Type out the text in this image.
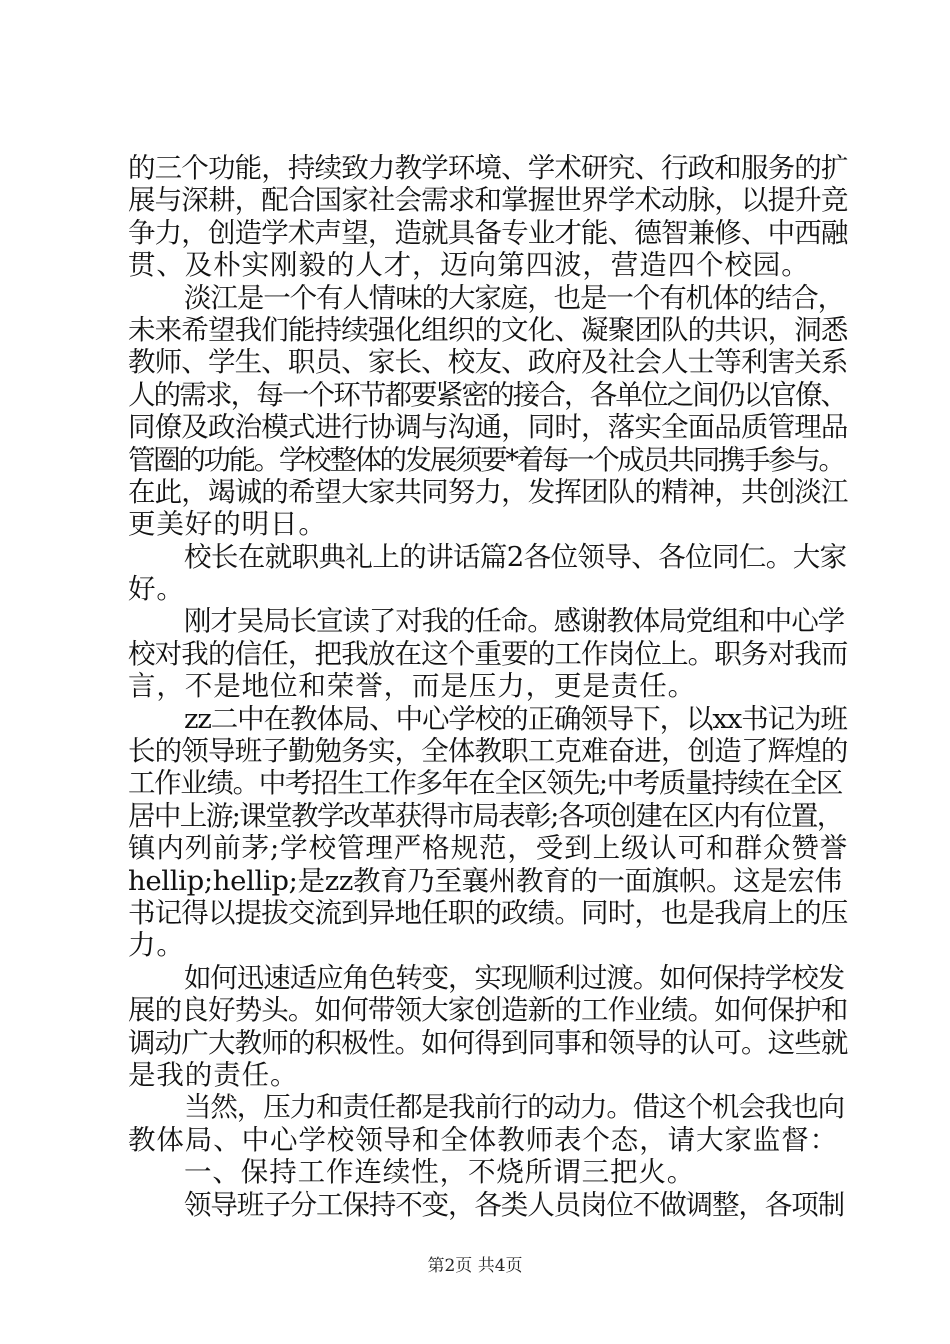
的三个功能，持续致力教学环境、学术研究、行政和服务的扩
展与深耕，配合国家社会需求和掌握世界学术动脉，以提升竞
争力，创造学术声望，造就具备专业才能、德智兼修、中西融
贯、及朴实刚毅的人才，迈向第四波，营造四个校园。
淡江是一个有人情味的大家庭，也是一个有机体的结合，
未来希望我们能持续强化组织的文化、凝聚团队的共识，洞悉
教师、学生、职员、家长、校友、政府及社会人士等利害关系
人的需求，每一个环节都要紧密的接合，各单位之间仍以官僚、
同僚及政治模式进行协调与沟通，同时，落实全面品质管理品
管圈的功能。学校整体的发展须要*着每一个成员共同携手参与。
在此，竭诚的希望大家共同努力，发挥团队的精神，共创淡江
更美好的明日。
校长在就职典礼上的讲话篇2各位领导、各位同仁。大家
好。
刚才吴局长宣读了对我的任命。感谢教体局党组和中心学
校对我的信任，把我放在这个重要的工作岗位上。职务对我而
言，不是地位和荣誉，而是压力，更是责任。
zz二中在教体局、中心学校的正确领导下，以xx书记为班
长的领导班子勤勉务实，全体教职工克难奋进，创造了辉煌的
工作业绩。中考招生工作多年在全区领先;中考质量持续在全区
居中上游;课堂教学改革获得市局表彰;各项创建在区内有位置，
镇内列前茅;学校管理严格规范，受到上级认可和群众赞誉
hellip;hellip;是zz教育乃至襄州教育的一面旗帜。这是宏伟
书记得以提拔交流到异地任职的政绩。同时，也是我肩上的压
力。
如何迅速适应角色转变，实现顺利过渡。如何保持学校发
展的良好势头。如何带领大家创造新的工作业绩。如何保护和
调动广大教师的积极性。如何得到同事和领导的认可。这些就
是我的责任。
当然，压力和责任都是我前行的动力。借这个机会我也向
教体局、中心学校领导和全体教师表个态，请大家监督：
一、保持工作连续性，不烧所谓三把火。
领导班子分工保持不变，各类人员岗位不做调整，各项制
第2页 共4页
